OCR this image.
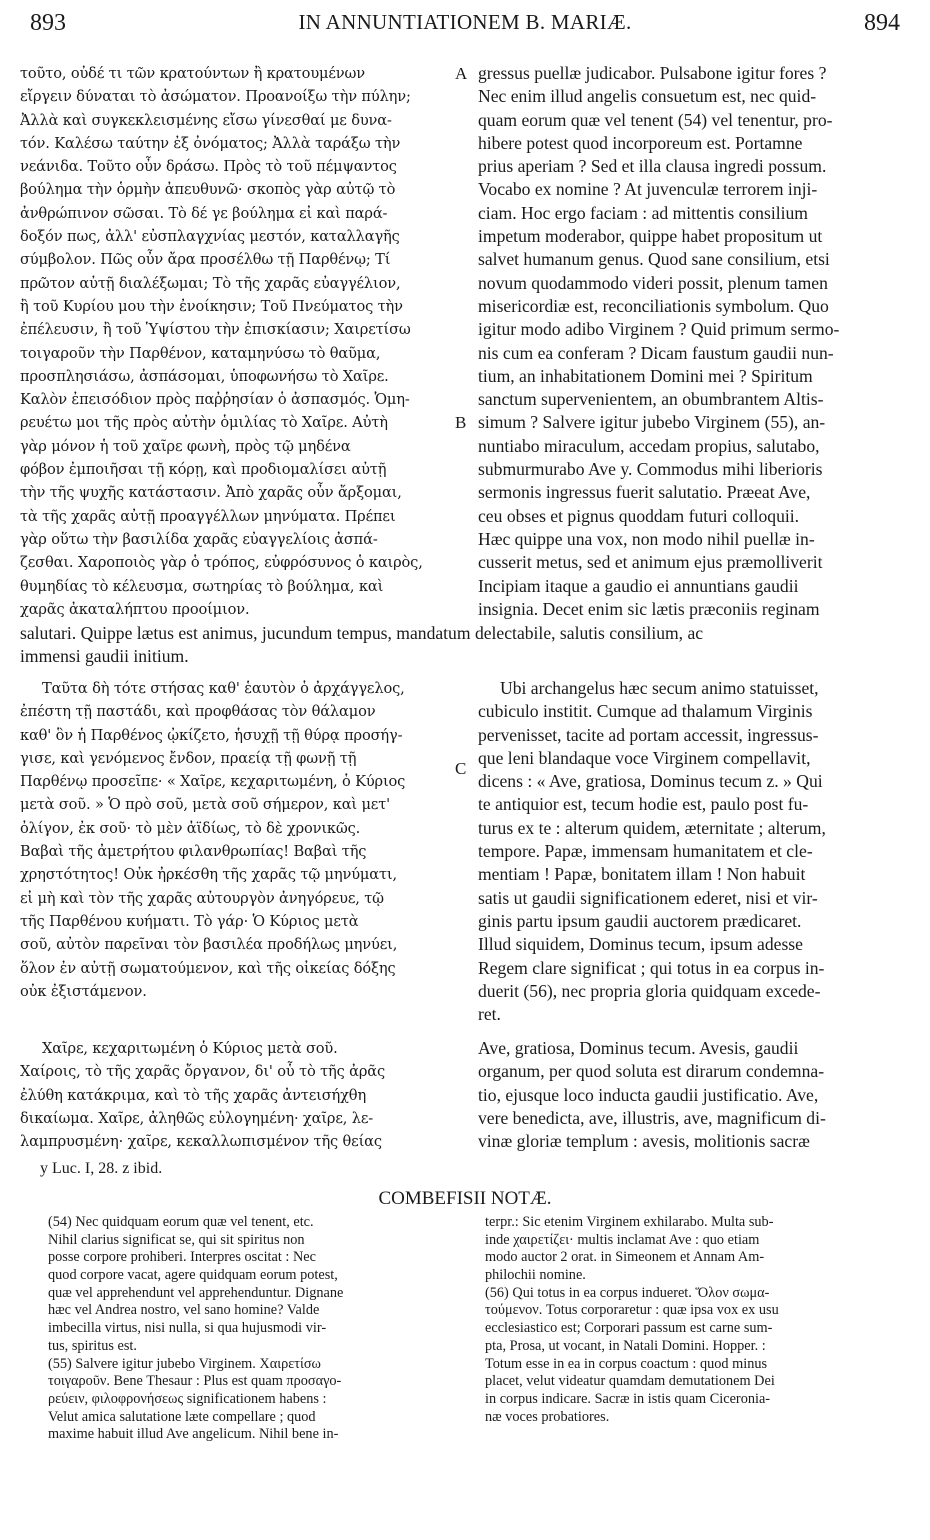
893	IN ANNUNTIATIONEM B. MARIÆ.	894
τοῦτο, οὐδέ τι τῶν κρατούντων ἢ κρατουμένων
εἴργειν δύναται τὸ ἀσώματον. Προανοίξω τὴν πύλην;
Ἀλλὰ καὶ συγκεκλεισμένης εἴσω γίνεσθαί με δυνα-
τόν. Καλέσω ταύτην ἐξ ὀνόματος; Ἀλλὰ ταράξω τὴν
νεάνιδα. Τοῦτο οὖν δράσω. Πρὸς τὸ τοῦ πέμψαντος
βούλημα τὴν ὁρμὴν ἀπευθυνῶ· σκοπὸς γὰρ αὐτῷ τὸ
ἀνθρώπινον σῶσαι. Τὸ δέ γε βούλημα εἰ καὶ παρά-
δοξόν πως, ἀλλ' εὐσπλαγχνίας μεστόν, καταλλαγῆς
σύμβολον. Πῶς οὖν ἄρα προσέλθω τῇ Παρθένῳ; Τί
πρῶτον αὐτῇ διαλέξωμαι; Τὸ τῆς χαρᾶς εὐαγγέλιον,
ἢ τοῦ Κυρίου μου τὴν ἐνοίκησιν; Τοῦ Πνεύματος τὴν
ἐπέλευσιν, ἢ τοῦ Ὑψίστου τὴν ἐπισκίασιν; Χαιρετίσω
τοιγαροῦν τὴν Παρθένον, καταμηνύσω τὸ θαῦμα,
προσπλησιάσω, ἀσπάσομαι, ὑποφωνήσω τὸ Χαῖρε.
Καλὸν ἐπεισόδιον πρὸς παῤῥησίαν ὁ ἀσπασμός. Ὁμη-
ρευέτω μοι τῆς πρὸς αὐτὴν ὁμιλίας τὸ Χαῖρε. Αὐτὴ
γὰρ μόνον ἡ τοῦ χαῖρε φωνὴ, πρὸς τῷ μηδένα
φόβον ἐμποιῆσαι τῇ κόρῃ, καὶ προδιομαλίσει αὐτῇ
τὴν τῆς ψυχῆς κατάστασιν. Ἀπὸ χαρᾶς οὖν ἄρξομαι,
τὰ τῆς χαρᾶς αὐτῇ προαγγέλλων μηνύματα. Πρέπει
γὰρ οὕτω τὴν βασιλίδα χαρᾶς εὐαγγελίοις ἀσπά-
ζεσθαι. Χαροποιὸς γὰρ ὁ τρόπος, εὐφρόσυνος ὁ καιρὸς,
θυμηδίας τὸ κέλευσμα, σωτηρίας τὸ βούλημα, καὶ
χαρᾶς ἀκαταλήπτου προοίμιον.
gressus puellæ judicabor. Pulsabone igitur fores ?
Nec enim illud angelis consuetum est, nec quid-
quam eorum quæ vel tenent (54) vel tenentur, pro-
hibere potest quod incorporeum est. Portamne
prius aperiam ? Sed et illa clausa ingredi possum.
Vocabo ex nomine ? At juvenculæ terrorem inji-
ciam. Hoc ergo faciam : ad mittentis consilium
impetum moderabor, quippe habet propositum ut
salvet humanum genus. Quod sane consilium, etsi
novum quodammodo videri possit, plenum tamen
misericordiæ est, reconciliationis symbolum. Quo
igitur modo adibo Virginem ? Quid primum sermo-
nis cum ea conferam ? Dicam faustum gaudii nun-
tium, an inhabitationem Domini mei ? Spiritum
sanctum supervenientem, an obumbrantem Altis-
simum ? Salvere igitur jubebo Virginem (55), an-
nuntiabo miraculum, accedam propius, salutabo,
submurmurabo Ave y. Commodus mihi liberioris
sermonis ingressus fuerit salutatio. Præeat Ave,
ceu obses et pignus quoddam futuri colloquii.
Hæc quippe una vox, non modo nihil puellæ in-
cusserit metus, sed et animum ejus præmolliverit
Incipiam itaque a gaudio ei annuntians gaudii
insignia. Decet enim sic lætis præconiis reginam
A
B
C
salutari. Quippe lætus est animus, jucundum tempus, mandatum delectabile, salutis consilium, ac
immensi gaudii initium.
Ταῦτα δὴ τότε στήσας καθ' ἑαυτὸν ὁ ἀρχάγγελος,
ἐπέστη τῇ παστάδι, καὶ προφθάσας τὸν θάλαμον
καθ' ὃν ἡ Παρθένος ᾠκίζετο, ἡσυχῇ τῇ θύρᾳ προσήγ-
γισε, καὶ γενόμενος ἔνδον, πραείᾳ τῇ φωνῇ τῇ
Παρθένῳ προσεῖπε· « Χαῖρε, κεχαριτωμένη, ὁ Κύριος
μετὰ σοῦ. » Ὁ πρὸ σοῦ, μετὰ σοῦ σήμερον, καὶ μετ'
ὀλίγον, ἐκ σοῦ· τὸ μὲν ἀϊδίως, τὸ δὲ χρονικῶς.
Βαβαὶ τῆς ἀμετρήτου φιλανθρωπίας! Βαβαὶ τῆς
χρηστότητος! Οὐκ ἠρκέσθη τῆς χαρᾶς τῷ μηνύματι,
εἰ μὴ καὶ τὸν τῆς χαρᾶς αὐτουργὸν ἀνηγόρευε, τῷ
τῆς Παρθένου κυήματι. Τὸ γάρ· Ὁ Κύριος μετὰ
σοῦ, αὐτὸν παρεῖναι τὸν βασιλέα προδήλως μηνύει,
ὅλον ἐν αὐτῇ σωματούμενον, καὶ τῆς οἰκείας δόξης
οὐκ ἐξιστάμενον.
Ubi archangelus hæc secum animo statuisset,
cubiculo institit. Cumque ad thalamum Virginis
pervenisset, tacite ad portam accessit, ingressus-
que leni blandaque voce Virginem compellavit,
dicens : « Ave, gratiosa, Dominus tecum z. » Qui
te antiquior est, tecum hodie est, paulo post fu-
turus ex te : alterum quidem, æternitate ; alterum,
tempore. Papæ, immensam humanitatem et cle-
mentiam ! Papæ, bonitatem illam ! Non habuit
satis ut gaudii significationem ederet, nisi et vir-
ginis partu ipsum gaudii auctorem prædicaret.
Illud siquidem, Dominus tecum, ipsum adesse
Regem clare significat ; qui totus in ea corpus in-
duerit (56), nec propria gloria quidquam excede-
ret.
Χαῖρε, κεχαριτωμένη ὁ Κύριος μετὰ σοῦ.
Χαίροις, τὸ τῆς χαρᾶς ὄργανον, δι' οὗ τὸ τῆς ἀρᾶς
ἐλύθη κατάκριμα, καὶ τὸ τῆς χαρᾶς ἀντεισήχθη
δικαίωμα. Χαῖρε, ἀληθῶς εὐλογημένη· χαῖρε, λε-
λαμπρυσμένη· χαῖρε, κεκαλλωπισμένον τῆς θείας
Ave, gratiosa, Dominus tecum. Avesis, gaudii
organum, per quod soluta est dirarum condemna-
tio, ejusque loco inducta gaudii justificatio. Ave,
vere benedicta, ave, illustris, ave, magnificum di-
vinæ gloriæ templum : avesis, molitionis sacræ
y Luc. I, 28. z ibid.
COMBEFISII NOTÆ.
(54) Nec quidquam eorum quæ vel tenent, etc.
Nihil clarius significat se, qui sit spiritus non
posse corpore prohiberi. Interpres oscitat : Nec
quod corpore vacat, agere quidquam eorum potest,
quæ vel apprehendunt vel apprehenduntur. Dignane
hæc vel Andrea nostro, vel sano homine? Valde
imbecilla virtus, nisi nulla, si qua hujusmodi vir-
tus, spiritus est.
(55) Salvere igitur jubebo Virginem. Χαιρετίσω
τοιγαροῦν. Bene Thesaur : Plus est quam προσαγο-
ρεύειν, φιλοφρονήσεως significationem habens :
Velut amica salutatione læte compellare ; quod
maxime habuit illud Ave angelicum. Nihil bene in-
terpr.: Sic etenim Virginem exhilarabo. Multa sub-
inde χαιρετίζει· multis inclamat Ave : quo etiam
modo auctor 2 orat. in Simeonem et Annam Am-
philochii nomine.
(56) Qui totus in ea corpus indueret. Ὅλον σωμα-
τούμενον. Totus corporaretur : quæ ipsa vox ex usu
ecclesiastico est; Corporari passum est carne sum-
pta, Prosa, ut vocant, in Natali Domini. Hopper. :
Totum esse in ea in corpus coactum : quod minus
placet, velut videatur quamdam demutationem Dei
in corpus indicare. Sacræ in istis quam Ciceronia-
næ voces probatiores.
